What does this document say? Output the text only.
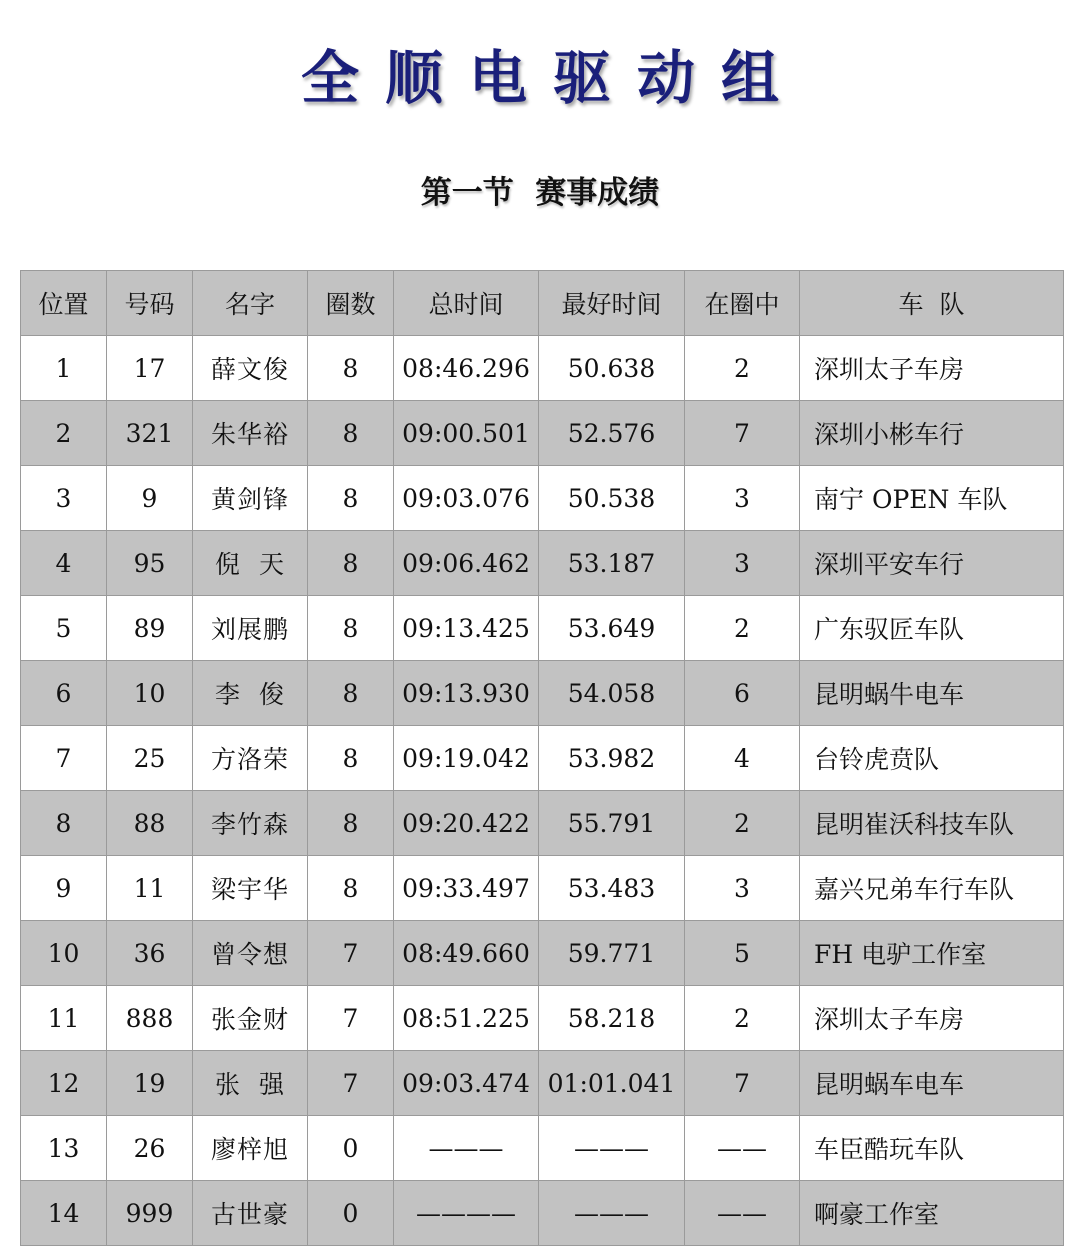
全顺电驱动组
第一节  赛事成绩
位置	号码	名字	圈数	总时间	最好时间	在圈中	车  队
1	17	薛文俊	8	08:46.296	50.638	2	深圳太子车房
2	321	朱华裕	8	09:00.501	52.576	7	深圳小彬车行
3	9	黄剑锋	8	09:03.076	50.538	3	南宁 OPEN 车队
4	95	倪  天	8	09:06.462	53.187	3	深圳平安车行
5	89	刘展鹏	8	09:13.425	53.649	2	广东驭匠车队
6	10	李  俊	8	09:13.930	54.058	6	昆明蜗牛电车
7	25	方洛荣	8	09:19.042	53.982	4	台铃虎贲队
8	88	李竹森	8	09:20.422	55.791	2	昆明崔沃科技车队
9	11	梁宇华	8	09:33.497	53.483	3	嘉兴兄弟车行车队
10	36	曾令想	7	08:49.660	59.771	5	FH 电驴工作室
11	888	张金财	7	08:51.225	58.218	2	深圳太子车房
12	19	张  强	7	09:03.474	01:01.041	7	昆明蜗车电车
13	26	廖梓旭	0	———	———	——	车臣酷玩车队
14	999	古世豪	0	————	———	——	啊豪工作室
